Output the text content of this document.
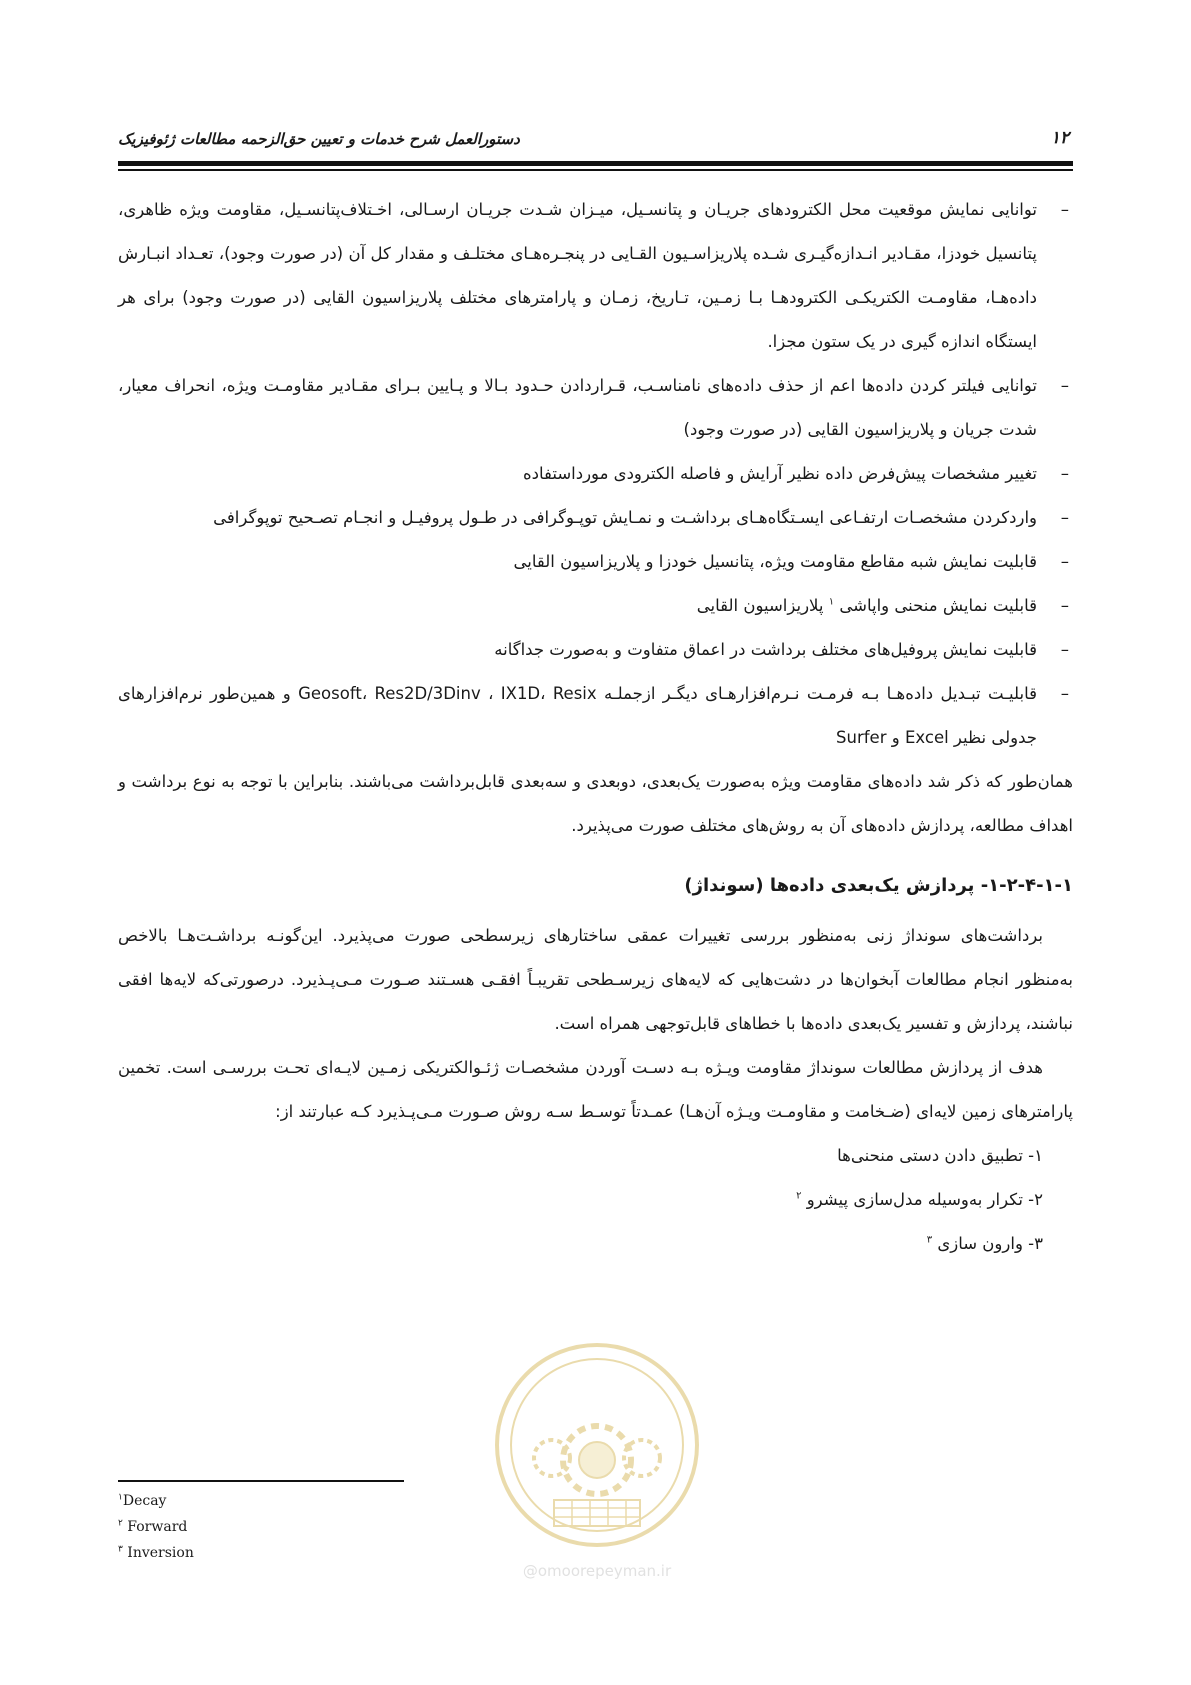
دستورالعمل شرح خدمات و تعیین حق‌الزحمه مطالعات ژئوفیزیک	۱۲
– توانایی نمایش موقعیت محل الکترودهای جریـان و پتانسـیل، میـزان شـدت جریـان ارسـالی، اخـتلاف‌پتانسـیل، مقاومت ویژه ظاهری، پتانسیل خودزا، مقـادیر انـدازه‌گیـری شـده پلاریزاسـیون القـایی در پنجـره‌هـای مختلـف و مقدار کل آن (در صورت وجود)، تعـداد انبـارش داده‌هـا، مقاومـت الکتریکـی الکترودهـا بـا زمـین، تـاریخ، زمـان و پارامترهای مختلف پلاریزاسیون القایی (در صورت وجود) برای هر ایستگاه اندازه گیری در یک ستون مجزا.
– توانایی فیلتر کردن داده‌ها اعم از حذف داده‌های نامناسـب، قـراردادن حـدود بـالا و پـایین بـرای مقـادیر مقاومـت ویژه، انحراف معیار، شدت جریان و پلاریزاسیون القایی (در صورت وجود)
– تغییر مشخصات پیش‌فرض داده نظیر آرایش و فاصله الکترودی مورداستفاده
– واردکردن مشخصـات ارتفـاعی ایسـتگاه‌هـای برداشـت و نمـایش توپـوگرافی در طـول پروفیـل و انجـام تصـحیح توپوگرافی
– قابلیت نمایش شبه مقاطع مقاومت ویژه، پتانسیل خودزا و پلاریزاسیون القایی
– قابلیت نمایش منحنی واپاشی $^۱$ پلاریزاسیون القایی
– قابلیت نمایش پروفیل‌های مختلف برداشت در اعماق متفاوت و به‌صورت جداگانه
– قابلیـت تبـدیل داده‌هـا بـه فرمـت نـرم‌افزارهـای دیگـر ازجملـه Geosoft، Res2D/3Dinv ، IX1D، Resix و همین‌طور نرم‌افزارهای جدولی نظیر Excel و Surfer

همان‌طور که ذکر شد داده‌های مقاومت ویژه به‌صورت یک‌بعدی، دوبعدی و سه‌بعدی قابل‌برداشت می‌باشند. بنابراین با توجه به نوع برداشت و اهداف مطالعه، پردازش داده‌های آن به روش‌های مختلف صورت می‌پذیرد.

۱-۲-۴-۱-۱- پردازش یک‌بعدی داده‌ها (سونداژ)

برداشت‌های سونداژ زنی به‌منظور بررسی تغییرات عمقی ساختارهای زیرسطحی صورت می‌پذیرد. این‌گونـه برداشـت‌هـا بالاخص به‌منظور انجام مطالعات آبخوان‌ها در دشت‌هایی که لایه‌های زیرسـطحی تقریبـاً افقـی هسـتند صـورت مـی‌پـذیرد. درصورتی‌که لایه‌ها افقی نباشند، پردازش و تفسیر یک‌بعدی داده‌ها با خطاهای قابل‌توجهی همراه است.

هدف از پردازش مطالعات سونداژ مقاومت ویـژه بـه دسـت آوردن مشخصـات ژئـوالکتریکی زمـین لایـه‌ای تحـت بررسـی است. تخمین پارامترهای زمین لایه‌ای (ضـخامت و مقاومـت ویـژه آن‌هـا) عمـدتاً توسـط سـه روش صـورت مـی‌پـذیرد کـه عبارتند از:

۱- تطبیق دادن دستی منحنی‌ها
۲- تکرار به‌وسیله مدل‌سازی پیشرو $^۲$
۳- وارون سازی $^۳$
@omoorepeyman.ir
$^۱$Decay
$^۲$ Forward
$^۳$ Inversion
